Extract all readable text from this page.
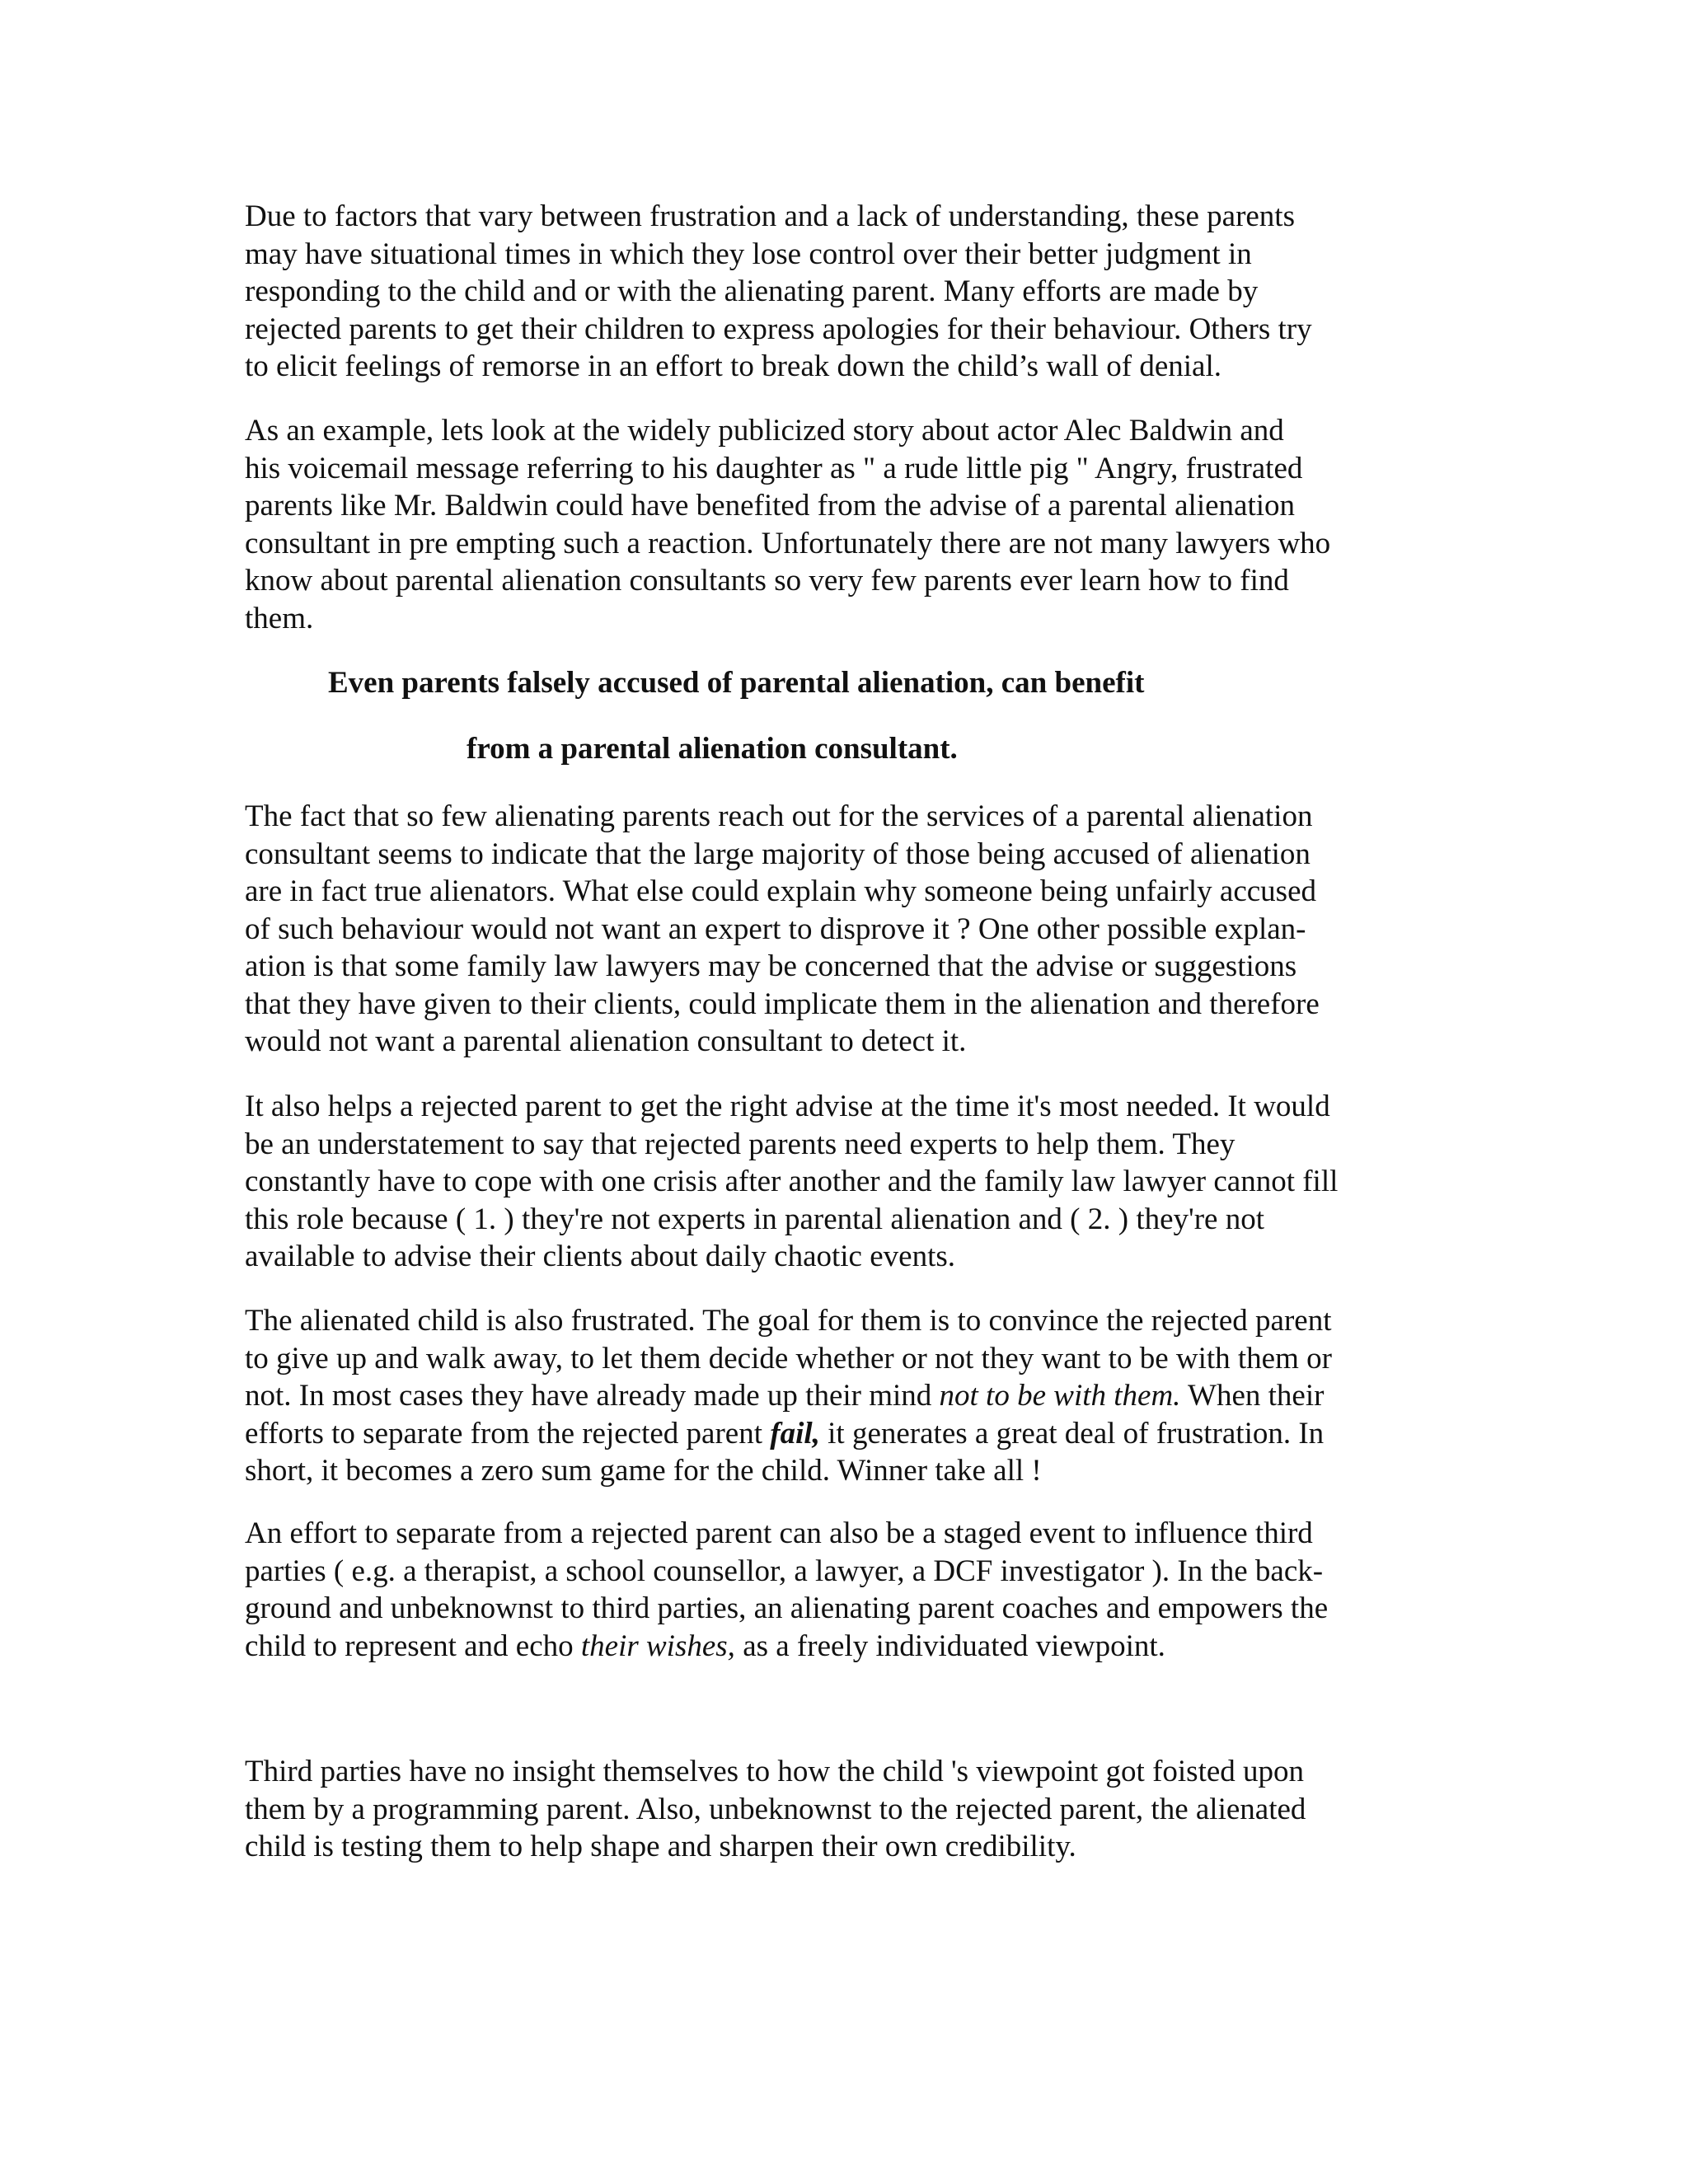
Due to factors that vary between frustration and a lack of understanding, these parents
may have situational times in which they lose control over their better judgment in
responding to the child and or with the alienating parent. Many efforts are made by
rejected parents to get their children to express apologies for their behaviour. Others try
to elicit feelings of remorse in an effort to break down the child’s wall of denial.

As an example, lets look at the widely publicized story about actor Alec Baldwin and
his voicemail message referring to his daughter as " a rude little pig " Angry, frustrated
parents like Mr. Baldwin could have benefited from the advise of a parental alienation
consultant in pre empting such a reaction. Unfortunately there are not many lawyers who
know about parental alienation consultants so very few parents ever learn how to find
them.

Even parents falsely accused of parental alienation, can benefit

from a parental alienation consultant.

The fact that so few alienating parents reach out for the services of a parental alienation
consultant seems to indicate that the large majority of those being accused of alienation
are in fact true alienators. What else could explain why someone being unfairly accused
of such behaviour would not want an expert to disprove it ? One other possible explan-
ation is that some family law lawyers may be concerned that the advise or suggestions
that they have given to their clients, could implicate them in the alienation and therefore
would not want a parental alienation consultant to detect it.

It also helps a rejected parent to get the right advise at the time it's most needed. It would
be an understatement to say that rejected parents need experts to help them. They
constantly have to cope with one crisis after another and the family law lawyer cannot fill
this role because ( 1. ) they're not experts in parental alienation and ( 2. ) they're not
available to advise their clients about daily chaotic events.

The alienated child is also frustrated. The goal for them is to convince the rejected parent
to give up and walk away, to let them decide whether or not they want to be with them or
not. In most cases they have already made up their mind not to be with them. When their
efforts to separate from the rejected parent fail, it generates a great deal of frustration. In
short, it becomes a zero sum game for the child. Winner take all !

An effort to separate from a rejected parent can also be a staged event to influence third
parties ( e.g. a therapist, a school counsellor, a lawyer, a DCF investigator ). In the back-
ground and unbeknownst to third parties, an alienating parent coaches and empowers the
child to represent and echo their wishes, as a freely individuated viewpoint.

Third parties have no insight themselves to how the child 's viewpoint got foisted upon
them by a programming parent. Also, unbeknownst to the rejected parent, the alienated
child is testing them to help shape and sharpen their own credibility.
